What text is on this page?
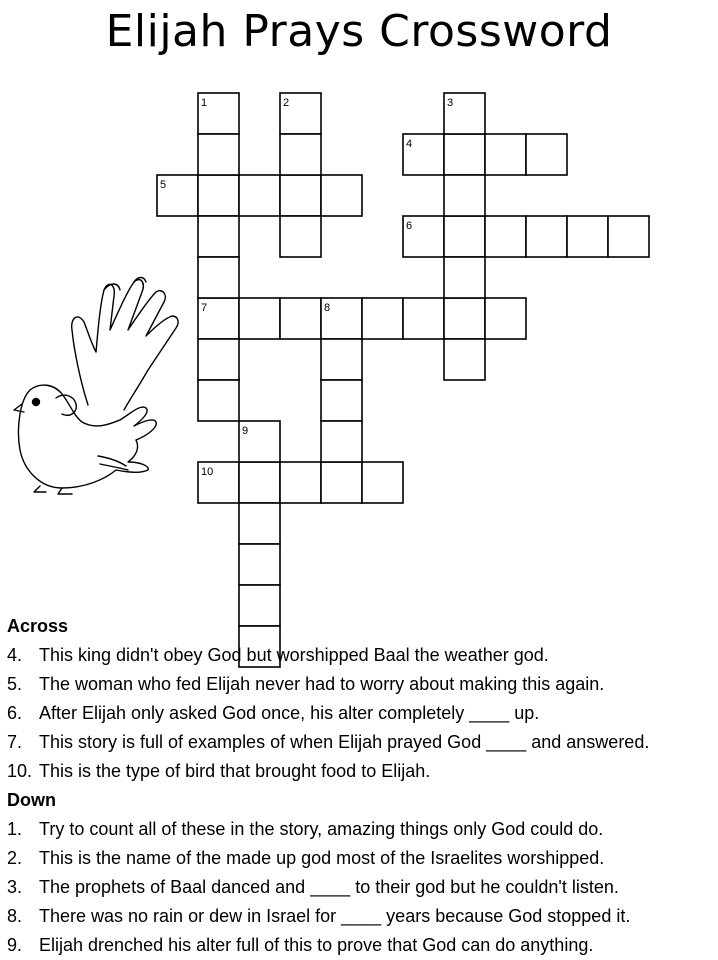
Elijah Prays Crossword
1	2	3
4
5
6
7	8
9
10
Across
4. This king didn't obey God but worshipped Baal the weather god.
5. The woman who fed Elijah never had to worry about making this again.
6. After Elijah only asked God once, his alter completely ____ up.
7. This story is full of examples of when Elijah prayed God ____ and answered.
10. This is the type of bird that brought food to Elijah.
Down
1. Try to count all of these in the story, amazing things only God could do.
2. This is the name of the made up god most of the Israelites worshipped.
3. The prophets of Baal danced and ____ to their god but he couldn't listen.
8. There was no rain or dew in Israel for ____ years because God stopped it.
9. Elijah drenched his alter full of this to prove that God can do anything.
